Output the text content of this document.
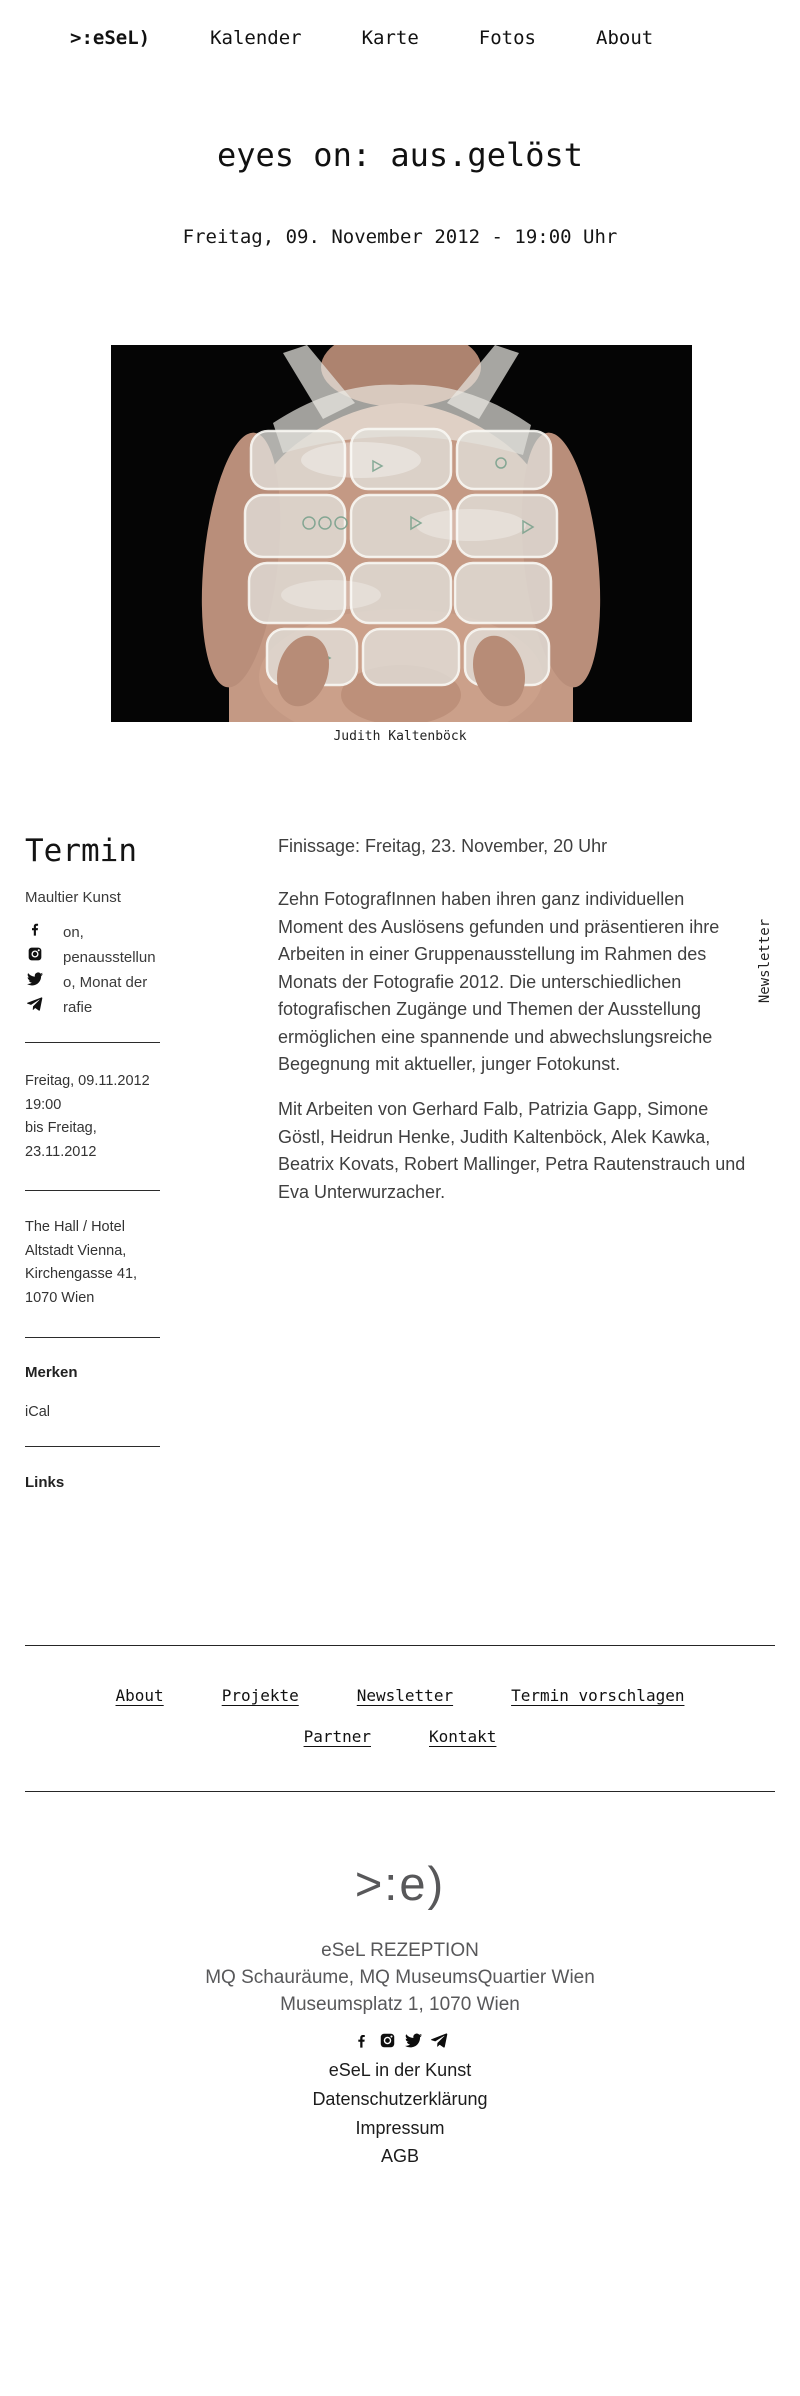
>:eSeL)	Kalender	Karte	Fotos	About
eyes on: aus.gelöst
Freitag, 09. November 2012 - 19:00 Uhr
Judith Kaltenböck
Termin
Maultier Kunst
on,
penausstellun
o, Monat der
rafie
Freitag, 09.11.2012
19:00
bis Freitag,
23.11.2012
The Hall / Hotel
Altstadt Vienna,
Kirchengasse 41,
1070 Wien
Merken
iCal
Links
Finissage: Freitag, 23. November, 20 Uhr
Zehn FotografInnen haben ihren ganz individuellen
Moment des Auslösens gefunden und präsentieren ihre
Arbeiten in einer Gruppenausstellung im Rahmen des
Monats der Fotografie 2012. Die unterschiedlichen
fotografischen Zugänge und Themen der Ausstellung
ermöglichen eine spannende und abwechslungsreiche
Begegnung mit aktueller, junger Fotokunst.
Mit Arbeiten von Gerhard Falb, Patrizia Gapp, Simone
Göstl, Heidrun Henke, Judith Kaltenböck, Alek Kawka,
Beatrix Kovats, Robert Mallinger, Petra Rautenstrauch und
Eva Unterwurzacher.
Newsletter
About	Projekte	Newsletter	Termin vorschlagen
Partner	Kontakt
>:e)
eSeL REZEPTION
MQ Schauräume, MQ MuseumsQuartier Wien
Museumsplatz 1, 1070 Wien
eSeL in der Kunst
Datenschutzerklärung
Impressum
AGB
